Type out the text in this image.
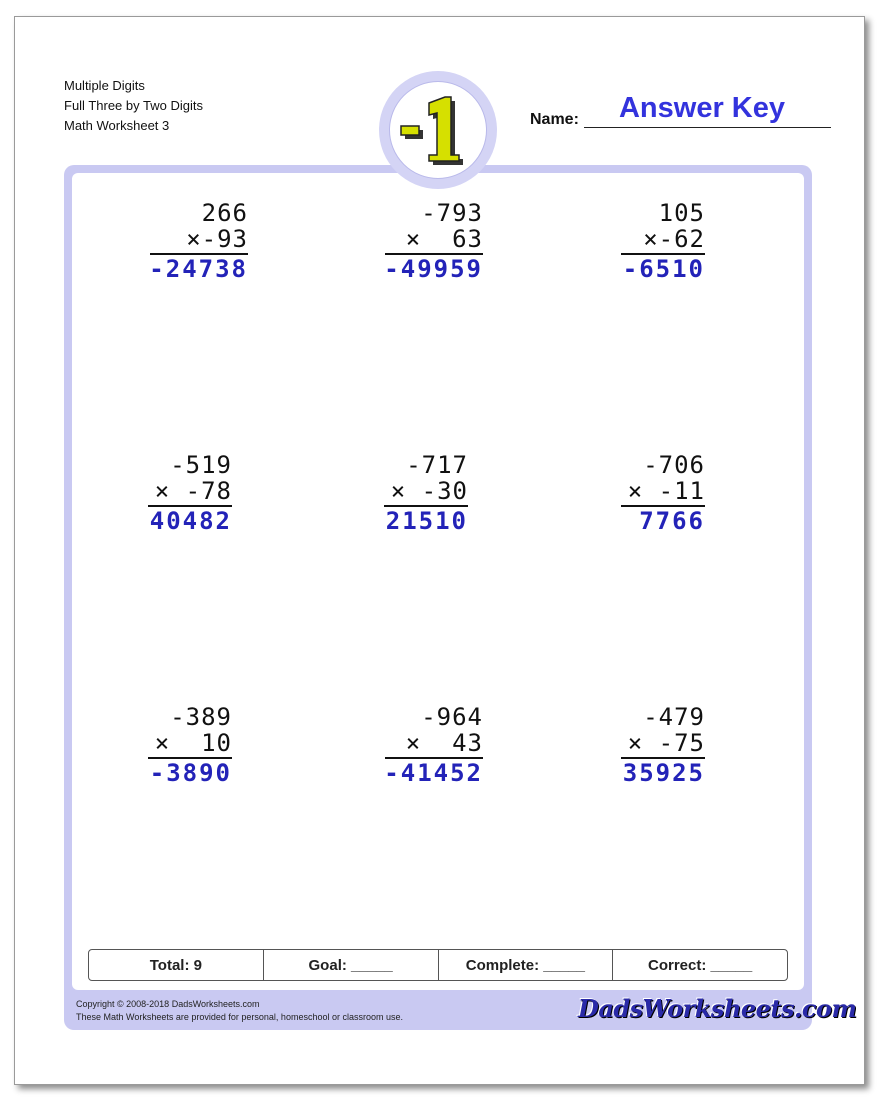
Multiple Digits
Full Three by Two Digits
Math Worksheet 3	Name:	Answer Key
266
×-93
-24738
-793
×  63
-49959
105
×-62
-6510
-519
× -78
40482
-717
× -30
21510
-706
× -11
7766
-389
×  10
-3890
-964
×  43
-41452
-479
× -75
35925
Total: 9	Goal: _____	Complete: _____	Correct: _____
Copyright © 2008-2018 DadsWorksheets.com
These Math Worksheets are provided for personal, homeschool or classroom use.	DadsWorksheets.com
